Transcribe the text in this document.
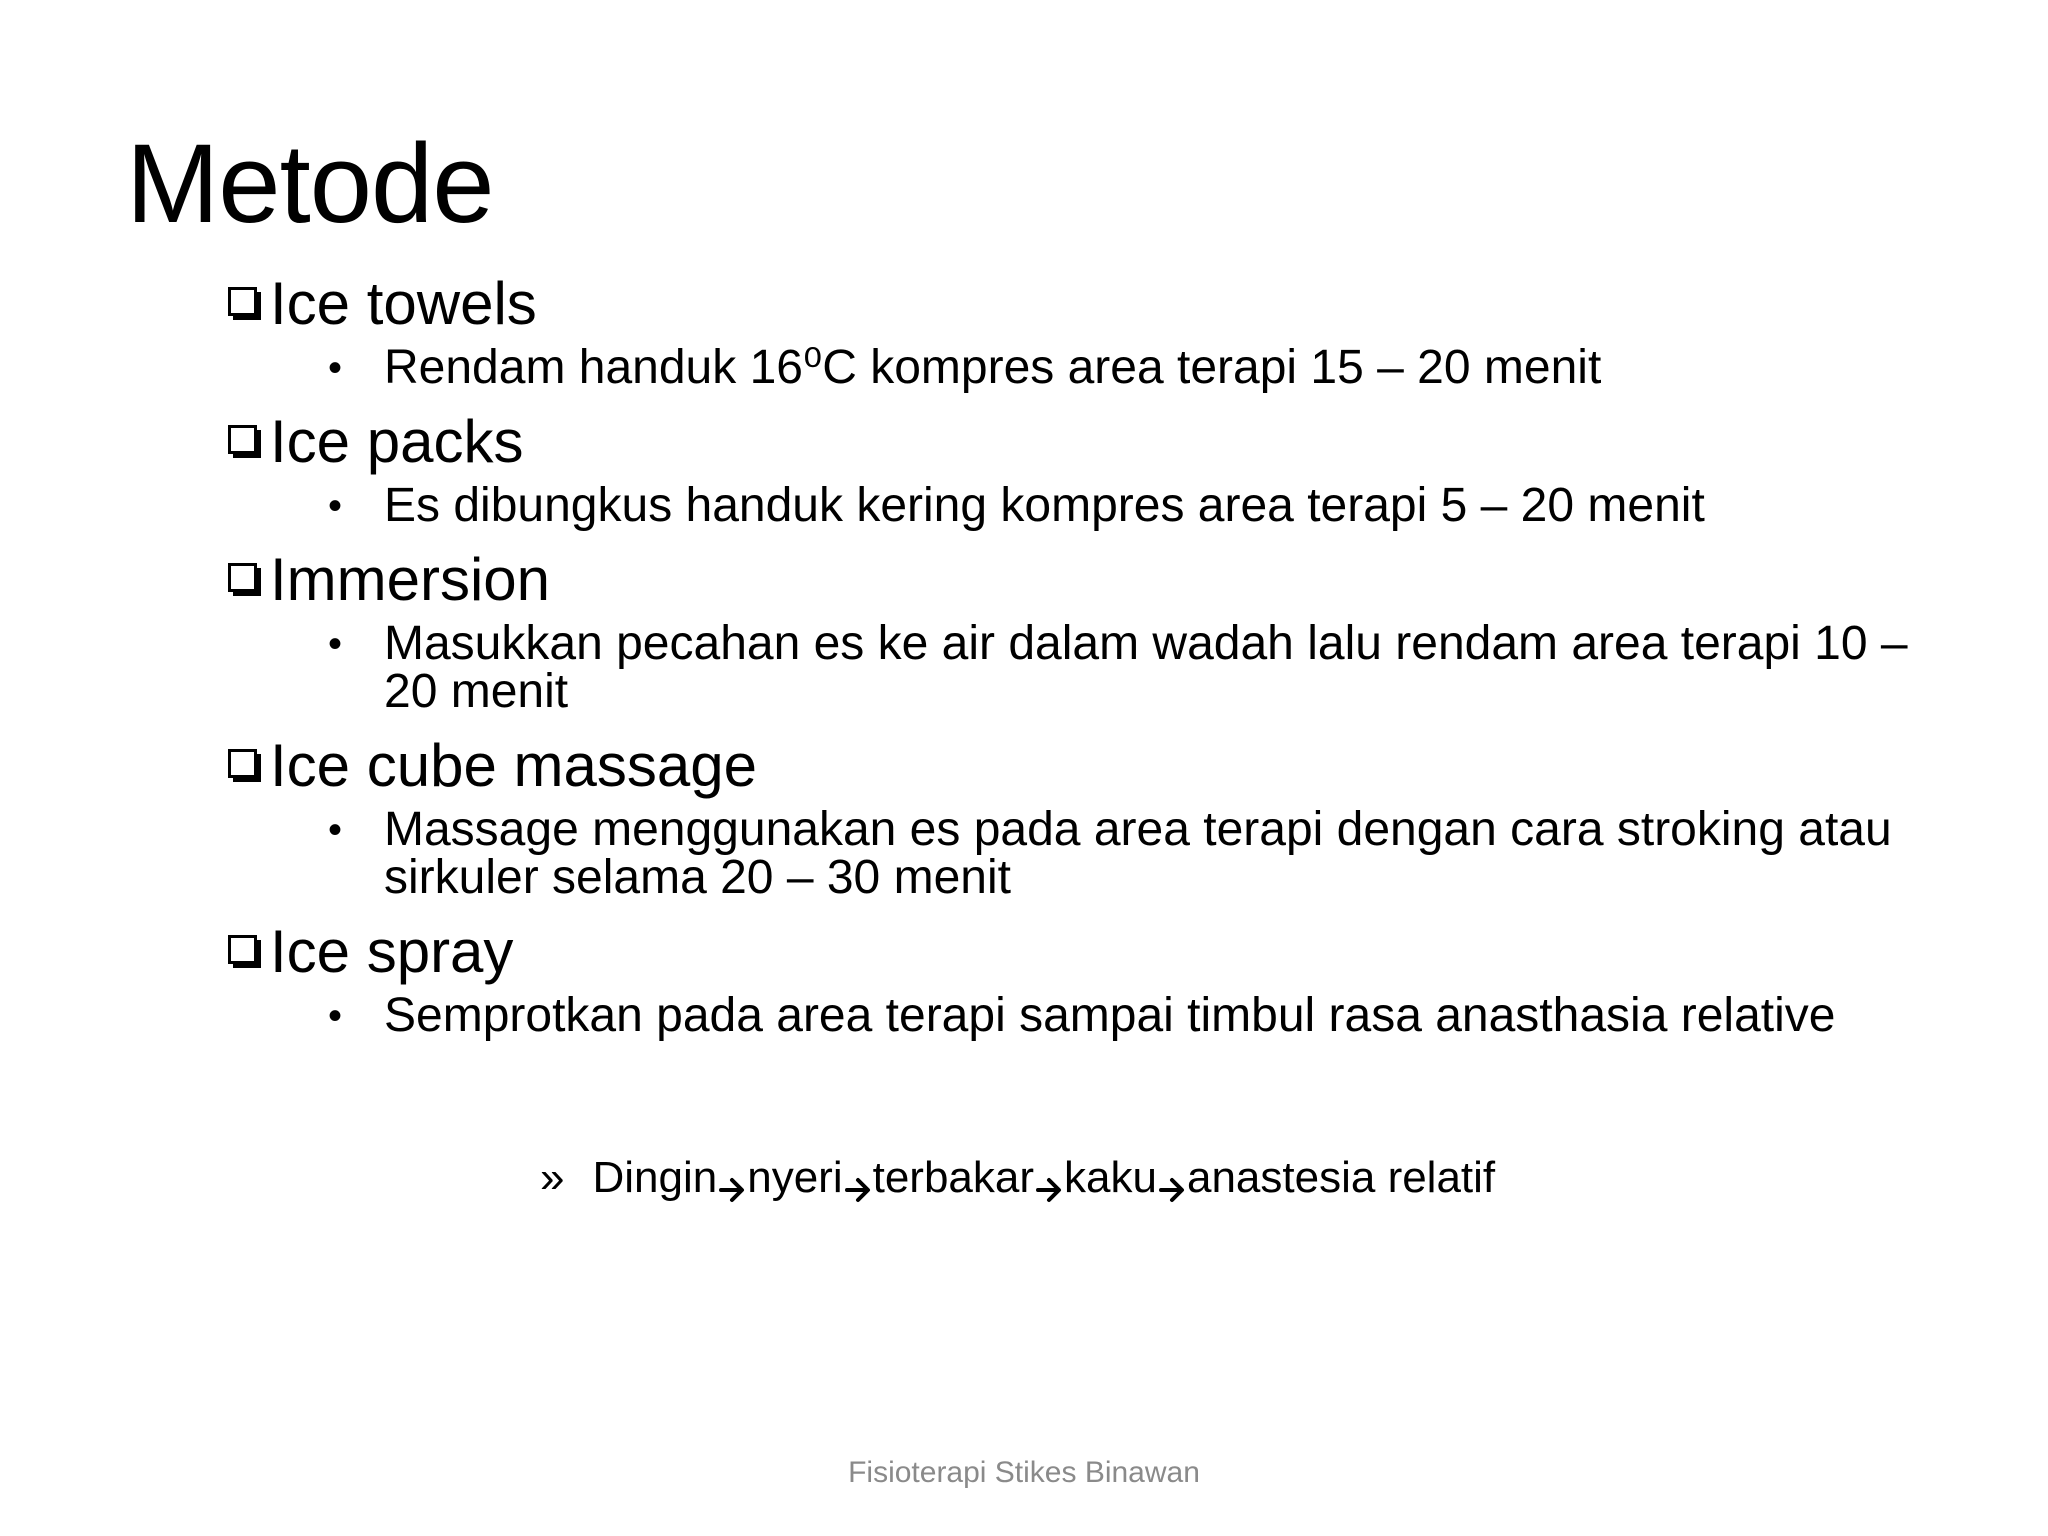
Metode
Ice towels
• Rendam handuk 16⁰C kompres area terapi 15 – 20 menit
Ice packs
• Es dibungkus handuk kering kompres area terapi 5 – 20 menit
Immersion
• Masukkan pecahan es ke air dalam wadah lalu rendam area terapi 10 – 20 menit
Ice cube massage
• Massage menggunakan es pada area terapi dengan cara stroking atau sirkuler selama 20 – 30 menit
Ice spray
• Semprotkan pada area terapi sampai timbul rasa anasthasia relative
» Dingin nyeri terbakar kaku anastesia relatif
Fisioterapi Stikes Binawan
